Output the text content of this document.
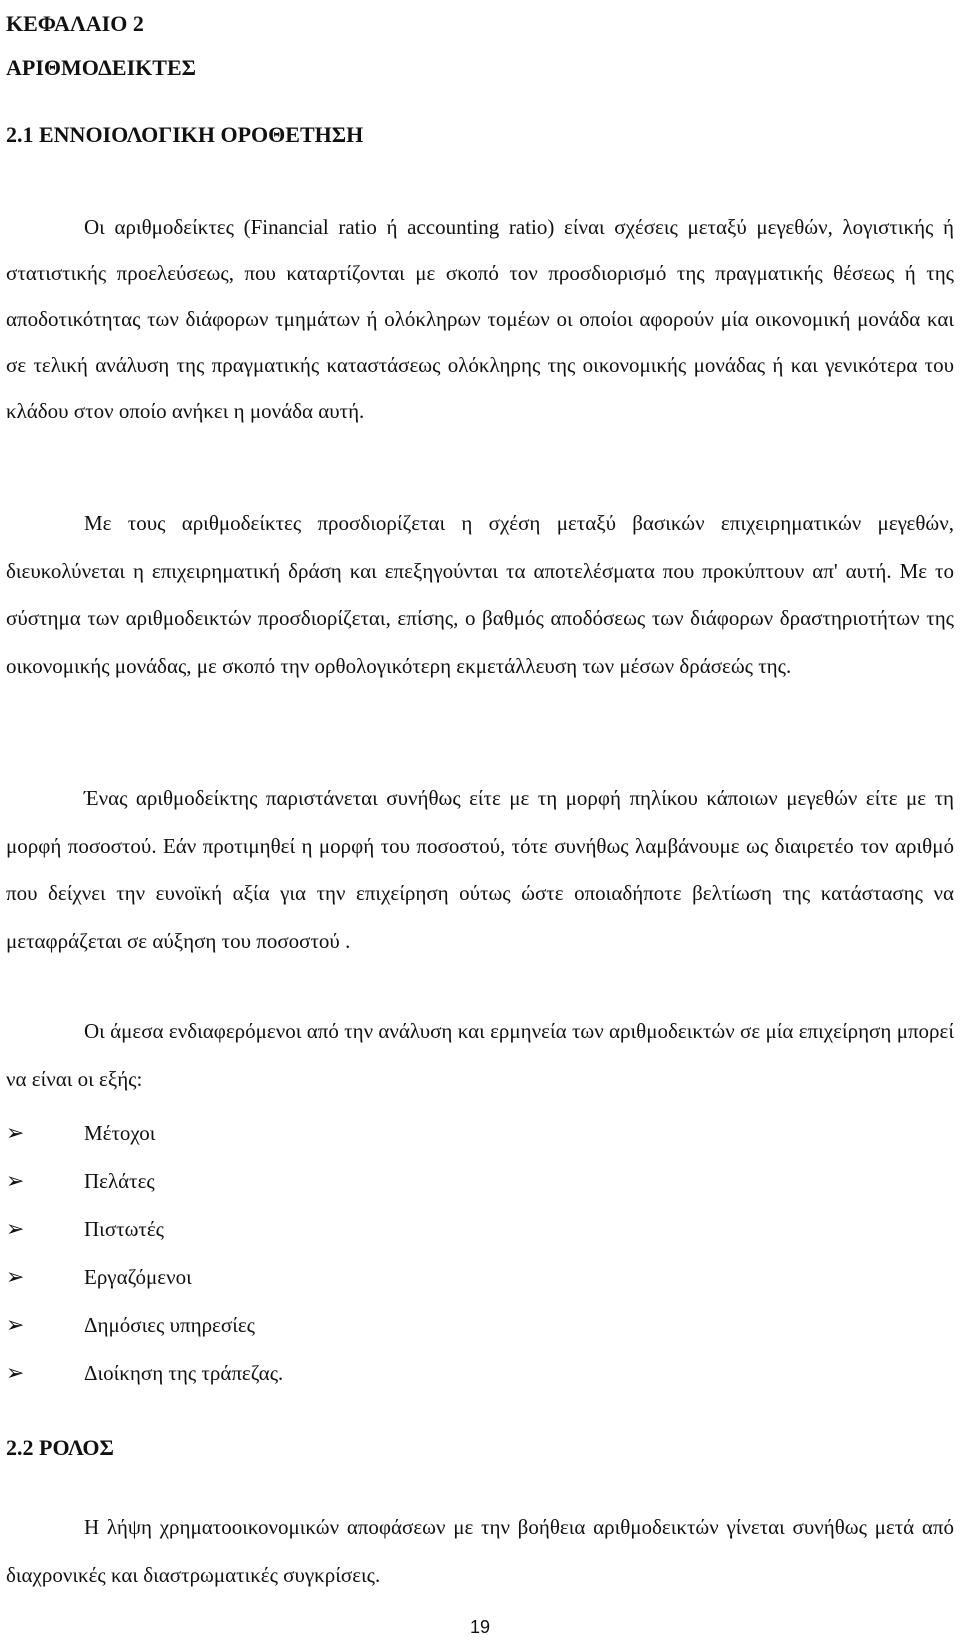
ΚΕΦΑΛΑΙΟ 2
ΑΡΙΘΜΟΔΕΙΚΤΕΣ
2.1 ΕΝΝΟΙΟΛΟΓΙΚΗ ΟΡΟΘΕΤΗΣΗ

Οι αριθμοδείκτες (Financial ratio ή accounting ratio) είναι σχέσεις μεταξύ μεγεθών, λογιστικής ή στατιστικής προελεύσεως, που καταρτίζονται με σκοπό τον προσδιορισμό της πραγματικής θέσεως ή της αποδοτικότητας των διάφορων τμημάτων ή ολόκληρων τομέων οι οποίοι αφορούν μία οικονομική μονάδα και σε τελική ανάλυση της πραγματικής καταστάσεως ολόκληρης της οικονομικής μονάδας ή και γενικότερα του κλάδου στον οποίο ανήκει η μονάδα αυτή.

Με τους αριθμοδείκτες προσδιορίζεται η σχέση μεταξύ βασικών επιχειρηματικών μεγεθών, διευκολύνεται η επιχειρηματική δράση και επεξηγούνται τα αποτελέσματα που προκύπτουν απ' αυτή. Με το σύστημα των αριθμοδεικτών προσδιορίζεται, επίσης, ο βαθμός αποδόσεως των διάφορων δραστηριοτήτων της οικονομικής μονάδας, με σκοπό την ορθολογικότερη εκμετάλλευση των μέσων δράσεώς της.

Ένας αριθμοδείκτης παριστάνεται συνήθως είτε με τη μορφή πηλίκου κάποιων μεγεθών είτε με τη μορφή ποσοστού. Εάν προτιμηθεί η μορφή του ποσοστού, τότε συνήθως λαμβάνουμε ως διαιρετέο τον αριθμό που δείχνει την ευνοϊκή αξία για την επιχείρηση ούτως ώστε οποιαδήποτε βελτίωση της κατάστασης να μεταφράζεται σε αύξηση του ποσοστού .

Οι άμεσα ενδιαφερόμενοι από την ανάλυση και ερμηνεία των αριθμοδεικτών σε μία επιχείρηση μπορεί να είναι οι εξής:

➢	Μέτοχοι
➢	Πελάτες
➢	Πιστωτές
➢	Εργαζόμενοι
➢	Δημόσιες υπηρεσίες
➢	Διοίκηση της τράπεζας.
2.2 ΡΟΛΟΣ

Η λήψη χρηματοοικονομικών αποφάσεων με την βοήθεια αριθμοδεικτών γίνεται συνήθως μετά από διαχρονικές και διαστρωματικές συγκρίσεις.

19
